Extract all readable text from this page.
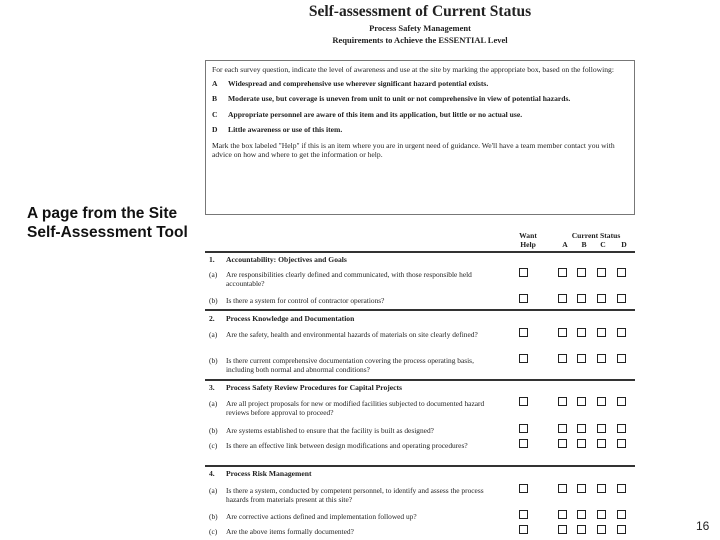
A page from the Site Self-Assessment Tool
16
Self-assessment of Current Status
Process Safety Management
Requirements to Achieve the ESSENTIAL Level
For each survey question, indicate the level of awareness and use at the site by marking the appropriate box, based on the following:
A	Widespread and comprehensive use wherever significant hazard potential exists.
B	Moderate use, but coverage is uneven from unit to unit or not comprehensive in view of potential hazards.
C	Appropriate personnel are aware of this item and its application, but little or no actual use.
D	Little awareness or use of this item.
Mark the box labeled "Help" if this is an item where you are in urgent need of guidance. We'll have a team member contact you with advice on how and where to get the information or help.
Want
Help
Current Status
A	B	C D
1. Accountability: Objectives and Goals
(a) Are responsibilities clearly defined and communicated, with those responsible held accountable?
(b) Is there a system for control of contractor operations?
2. Process Knowledge and Documentation
(a) Are the safety, health and environmental hazards of materials on site clearly defined?
(b) Is there current comprehensive documentation covering the process operating basis, including both normal and abnormal conditions?
3. Process Safety Review Procedures for Capital Projects
(a) Are all project proposals for new or modified facilities subjected to documented hazard reviews before approval to proceed?
(b) Are systems established to ensure that the facility is built as designed?
(c) Is there an effective link between design modifications and operating procedures?
4. Process Risk Management
(a) Is there a system, conducted by competent personnel, to identify and assess the process hazards from materials present at this site?
(b) Are corrective actions defined and implementation followed up?
(c) Are the above items formally documented?
